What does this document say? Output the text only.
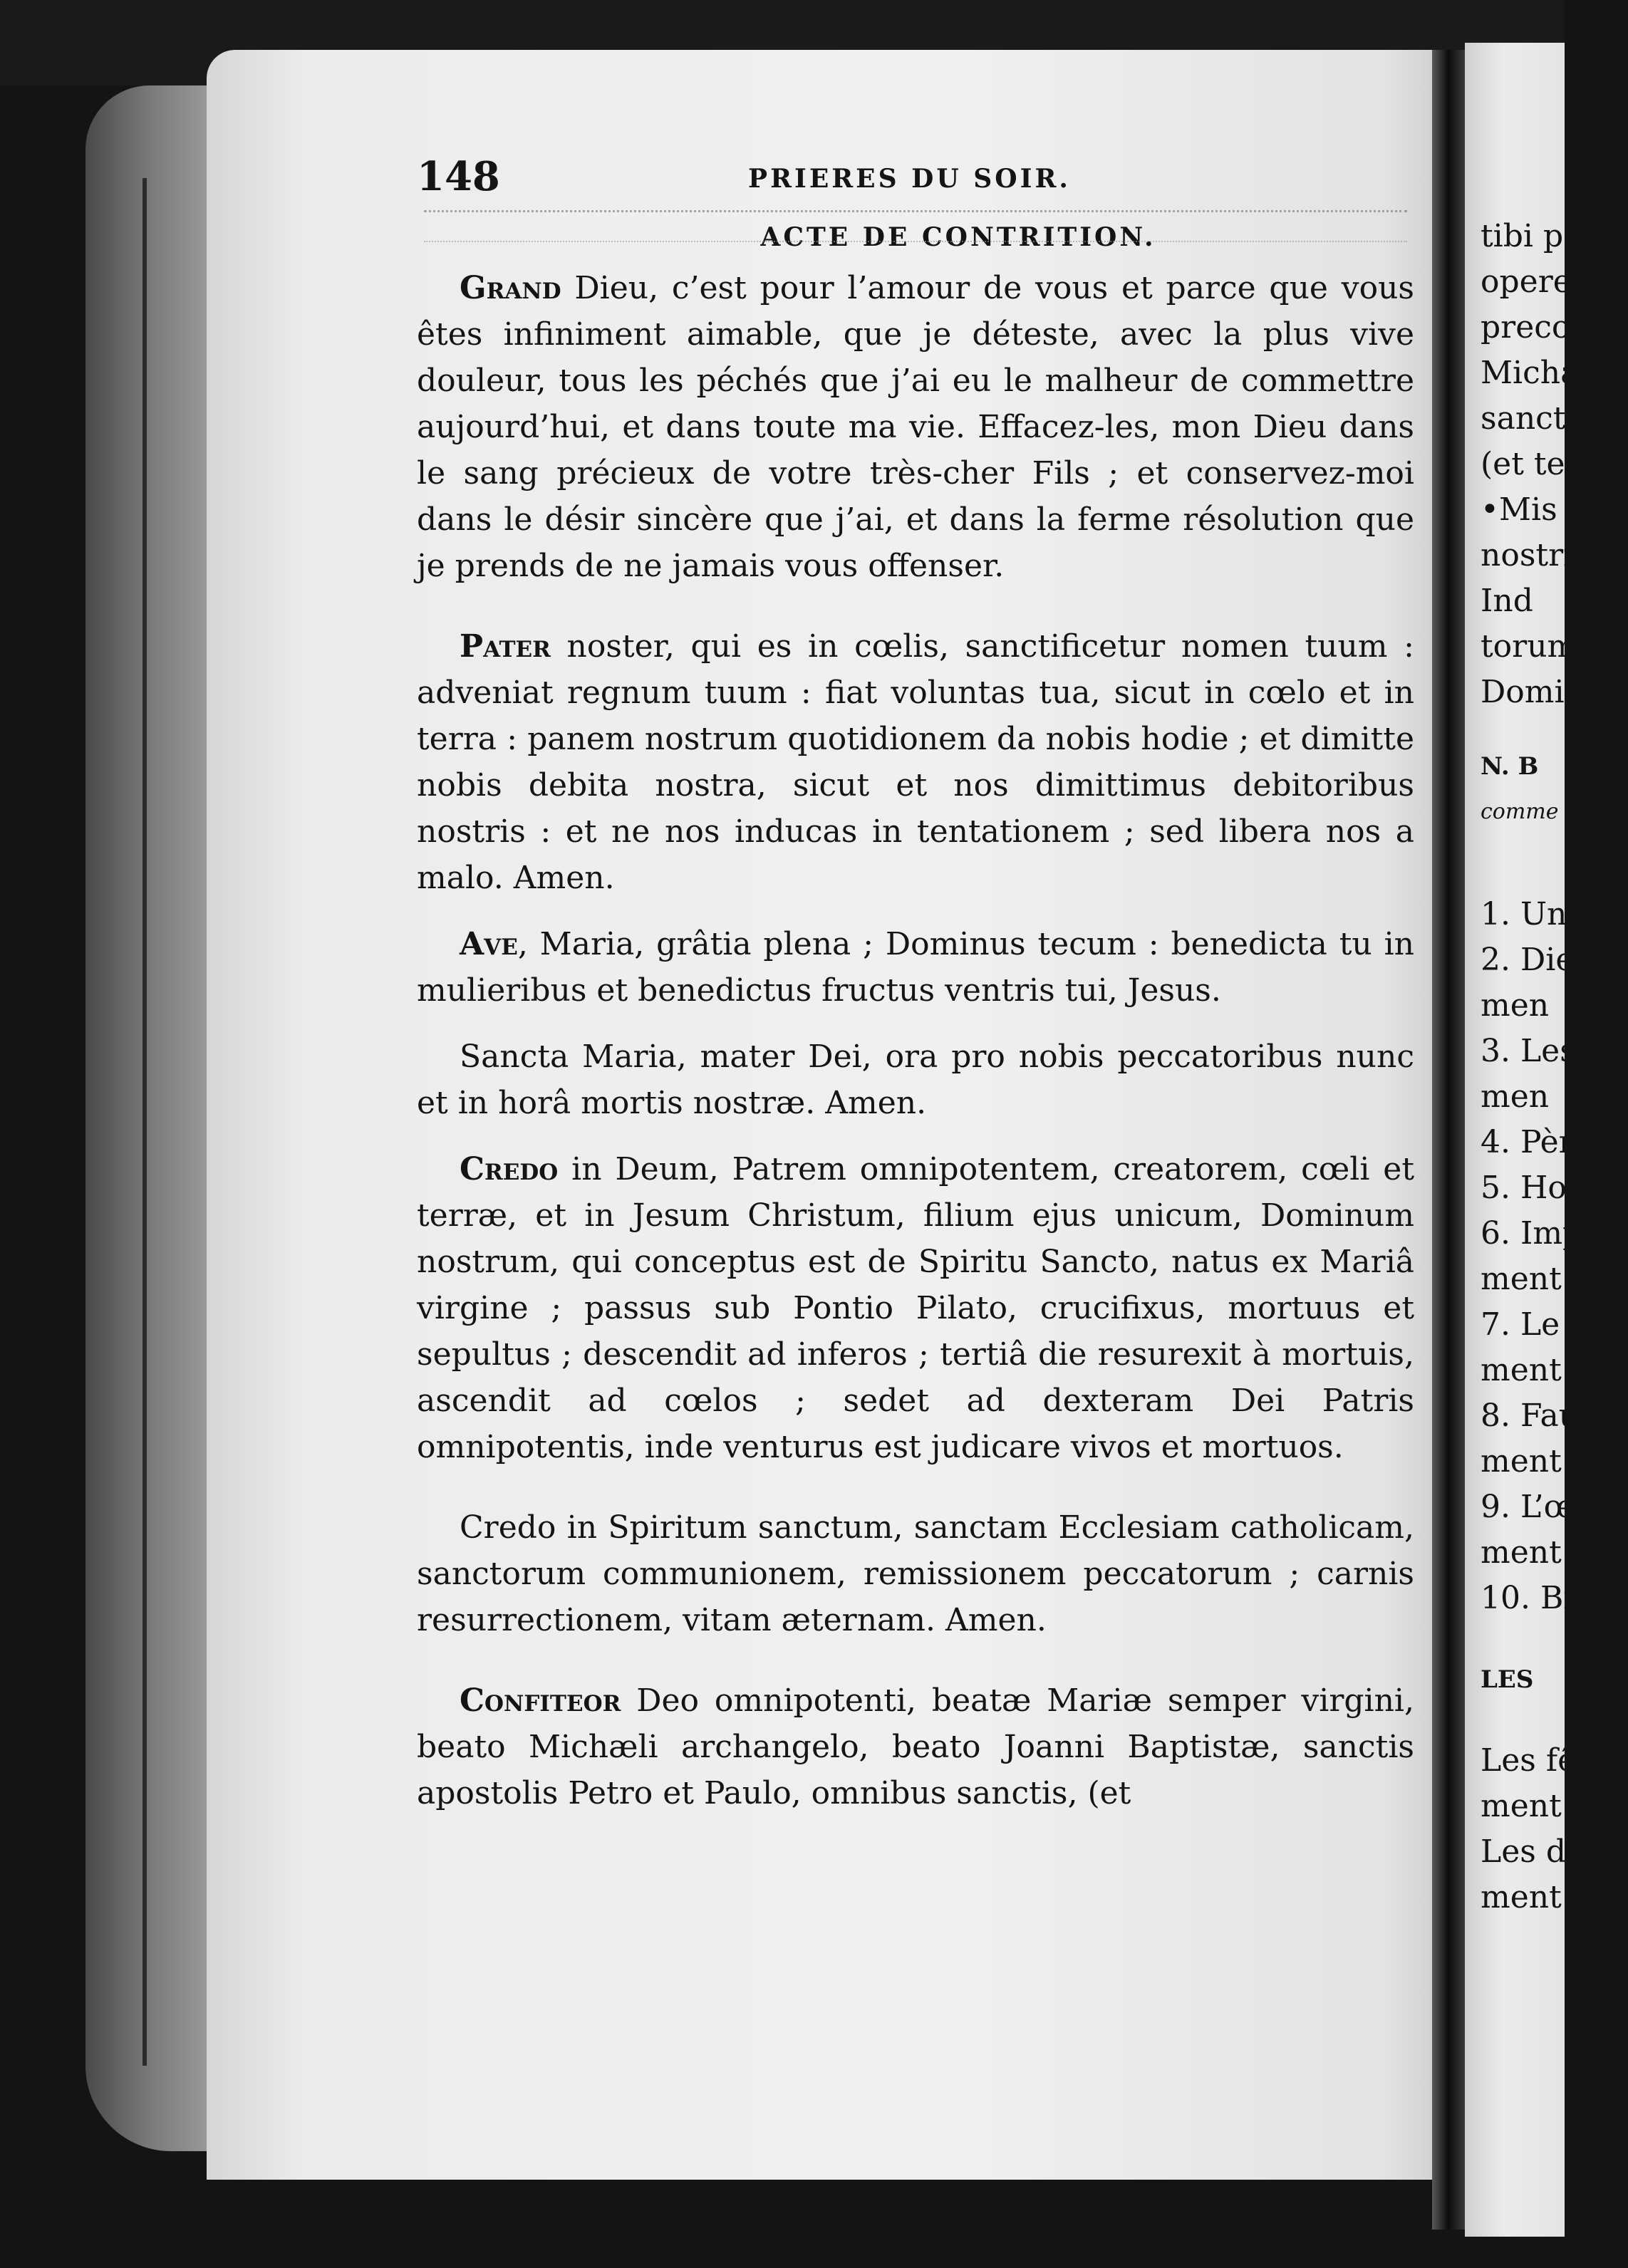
148	PRIERES DU SOIR.
ACTE DE CONTRITION.

Grand Dieu, c’est pour l’amour de vous et parce que vous êtes infiniment aimable, que je déteste, avec la plus vive douleur, tous les péchés que j’ai eu le malheur de commettre aujourd’hui, et dans toute ma vie. Effacez-les, mon Dieu dans le sang précieux de votre très-cher Fils ; et conservez-moi dans le désir sincère que j’ai, et dans la ferme résolution que je prends de ne jamais vous offenser.

Pater noster, qui es in cœlis, sanctificetur nomen tuum : adveniat regnum tuum : fiat voluntas tua, sicut in cœlo et in terra : panem nostrum quotidionem da nobis hodie ; et dimitte nobis debita nostra, sicut et nos dimittimus debitoribus nostris : et ne nos inducas in tentationem ; sed libera nos a malo. Amen.

Ave, Maria, grâtia plena ; Dominus tecum : benedicta tu in mulieribus et benedictus fructus ventris tui, Jesus.

Sancta Maria, mater Dei, ora pro nobis peccatoribus nunc et in horâ mortis nostræ. Amen.

Credo in Deum, Patrem omnipotentem, creatorem, cœli et terræ, et in Jesum Christum, filium ejus unicum, Dominum nostrum, qui conceptus est de Spiritu Sancto, natus ex Mariâ virgine ; passus sub Pontio Pilato, crucifixus, mortuus et sepultus ; descendit ad inferos ; tertiâ die resurexit à mortuis, ascendit ad cœlos ; sedet ad dexteram Dei Patris omnipotentis, inde venturus est judicare vivos et mortuos.

Credo in Spiritum sanctum, sanctam Ecclesiam catholicam, sanctorum communionem, remissionem peccatorum ; carnis resurrectionem, vitam æternam. Amen.

Confiteor Deo omnipotenti, beatæ Mariæ semper virgini, beato Michæli archangelo, beato Joanni Baptistæ, sanctis apostolis Petro et Paulo, omnibus sanctis, (et

tibi p
opere
preco
Micha
sancto
(et te
•Mis
nostris
Ind
torum
Domin
N. B
comme c
1. Un
2. Dieu
men
3. Les
men
4. Père
5. Hom
6. Impu
ment
7. Le bi
ment
8. Faux
ment.
9. L’œuv
ment.
10. Biens
LES
Les fête
ment.
Les dim
ment.
